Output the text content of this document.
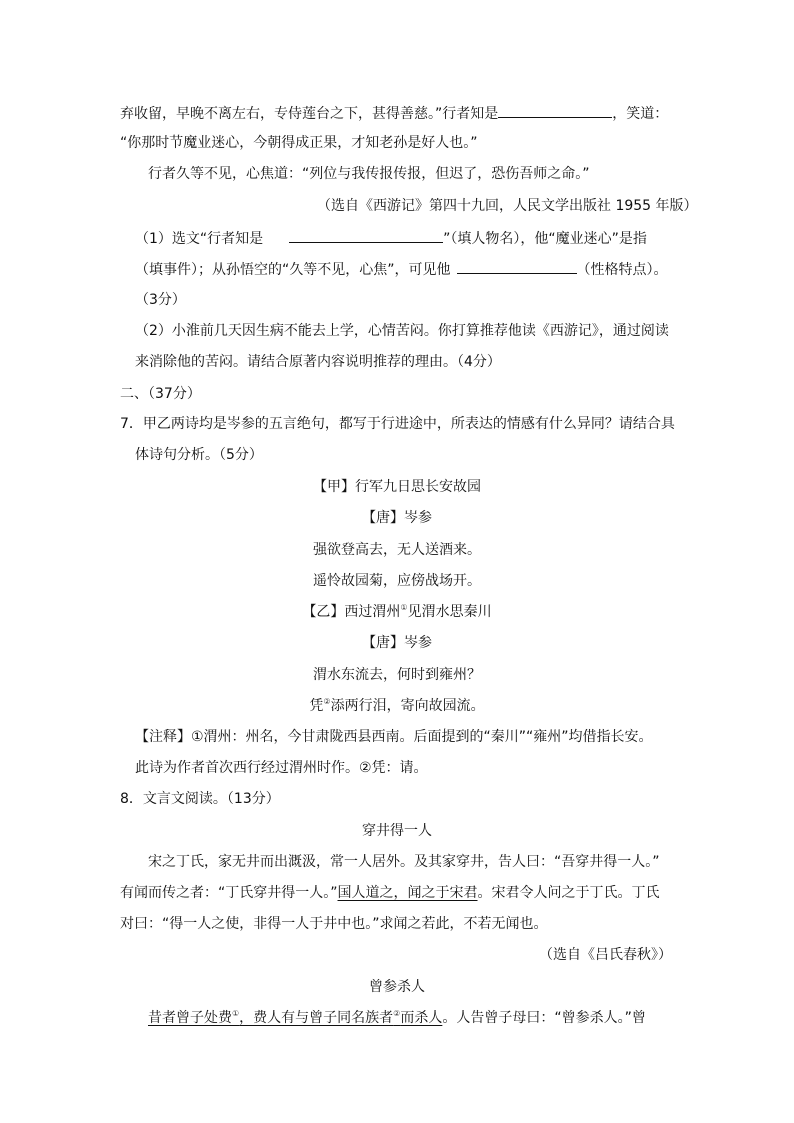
弃收留，早晚不离左右，专侍莲台之下，甚得善慈。”行者知是	，笑道：
“你那时节魔业迷心，今朝得成正果，才知老孙是好人也。”
行者久等不见，心焦道：“列位与我传报传报，但迟了，恐伤吾师之命。”
（选自《西游记》第四十九回，人民文学出版社 1955 年版）
（1）选文“行者知是	”（填人物名），他“魔业迷心”是指
（填事件）；从孙悟空的“久等不见，心焦”，可见他	（性格特点）。
（3分）
（2）小淮前几天因生病不能去上学，心情苦闷。你打算推荐他读《西游记》，通过阅读
来消除他的苦闷。请结合原著内容说明推荐的理由。（4分）
二、（37分）
7．甲乙两诗均是岑参的五言绝句，都写于行进途中，所表达的情感有什么异同？请结合具
体诗句分析。（5分）
【甲】行军九日思长安故园
【唐】岑参
强欲登高去，无人送酒来。
遥怜故园菊，应傍战场开。
【乙】西过渭州①见渭水思秦川
【唐】岑参
渭水东流去，何时到雍州？
凭②添两行泪，寄向故园流。
【注释】①渭州：州名，今甘肃陇西县西南。后面提到的“秦川”“雍州”均借指长安。
此诗为作者首次西行经过渭州时作。②凭：请。
8．文言文阅读。（13分）
穿井得一人
宋之丁氏，家无井而出溉汲，常一人居外。及其家穿井，告人曰：“吾穿井得一人。”
有闻而传之者：“丁氏穿井得一人。”国人道之，闻之于宋君。宋君令人问之于丁氏。丁氏
对曰：“得一人之使，非得一人于井中也。”求闻之若此，不若无闻也。
（选自《吕氏春秋》）
曾参杀人
昔者曾子处费①，费人有与曾子同名族者②而杀人。人告曾子母曰：“曾参杀人。”曾
